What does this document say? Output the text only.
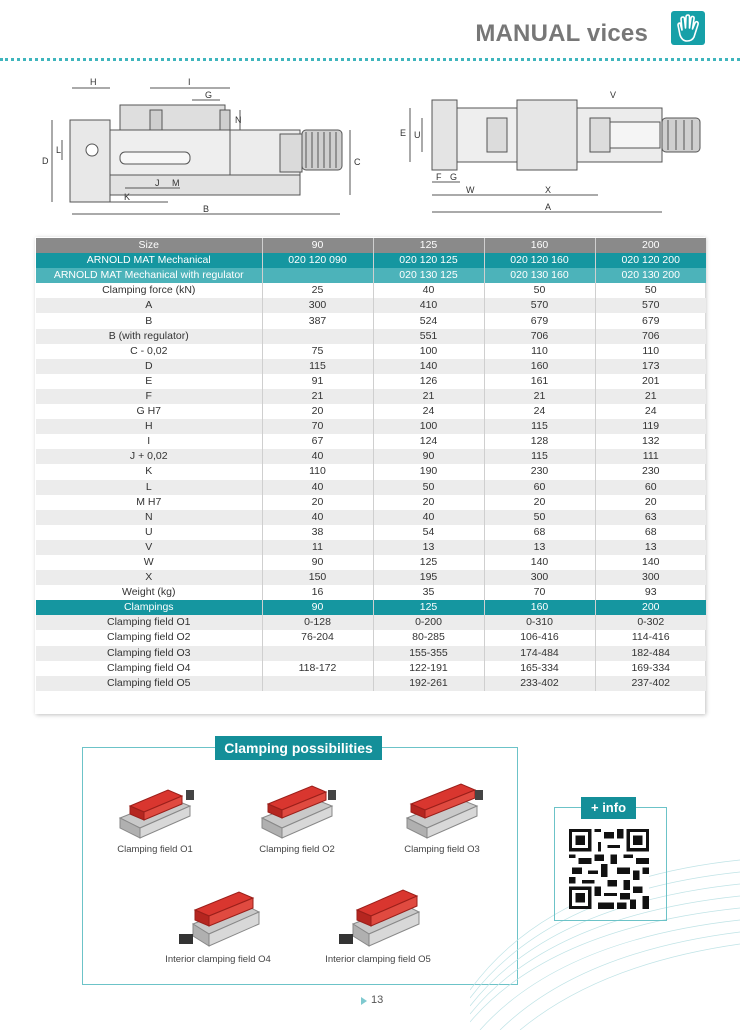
MANUAL vices
H	I
G
N
D
L
C
J M
K
B
E U
V
F G
W	X
A
Size	90	125	160	200
ARNOLD MAT Mechanical	020 120 090	020 120 125	020 120 160	020 120 200
ARNOLD MAT Mechanical with regulator		020 130 125	020 130 160	020 130 200
Clamping force (kN)	25	40	50	50
A	300	410	570	570
B	387	524	679	679
B (with regulator)		551	706	706
C - 0,02	75	100	110	110
D	115	140	160	173
E	91	126	161	201
F	21	21	21	21
G H7	20	24	24	24
H	70	100	115	119
I	67	124	128	132
J + 0,02	40	90	115	111
K	110	190	230	230
L	40	50	60	60
M H7	20	20	20	20
N	40	40	50	63
U	38	54	68	68
V	11	13	13	13
W	90	125	140	140
X	150	195	300	300
Weight (kg)	16	35	70	93
Clampings	90	125	160	200
Clamping field O1	0-128	0-200	0-310	0-302
Clamping field O2	76-204	80-285	106-416	114-416
Clamping field O3		155-355	174-484	182-484
Clamping field O4	118-172	122-191	165-334	169-334
Clamping field O5		192-261	233-402	237-402
Clamping possibilities
Clamping field O1	Clamping field O2	Clamping field O3
Interior clamping field O4	Interior clamping field O5
+ info
13
